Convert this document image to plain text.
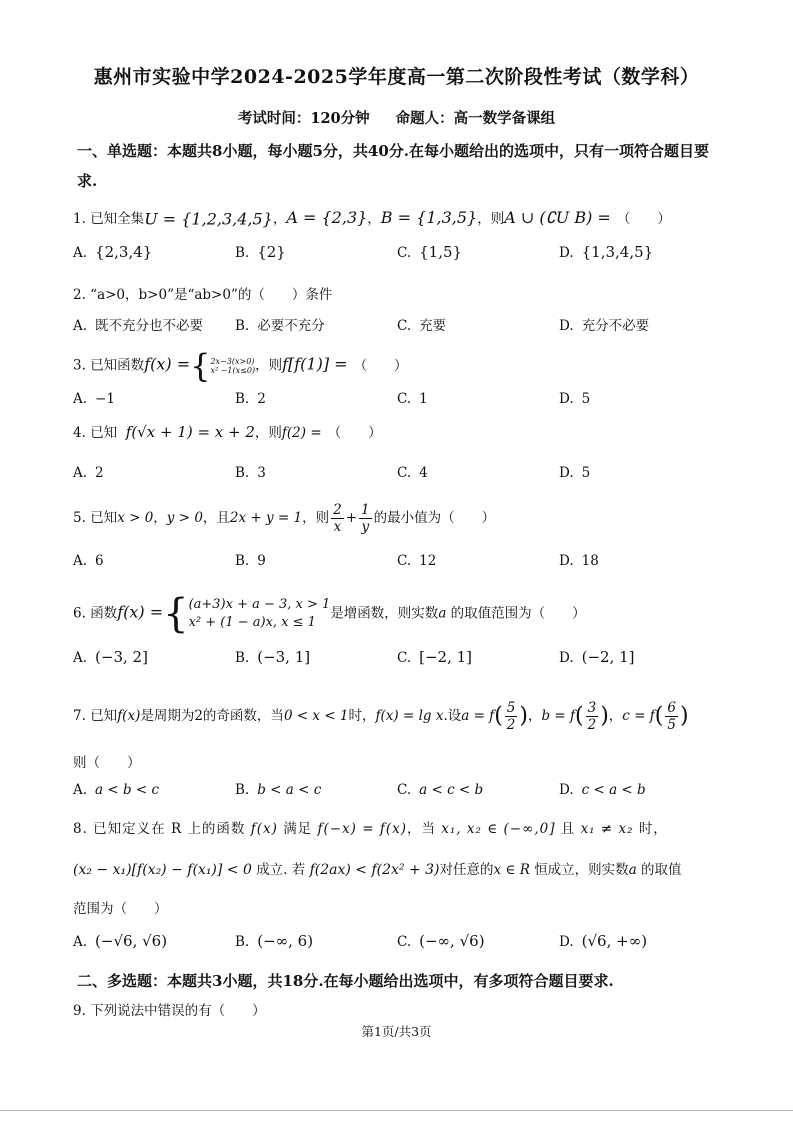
惠州市实验中学2024-2025学年度高一第二次阶段性考试（数学科）
考试时间：120分钟 命题人：高一数学备课组
一、单选题：本题共8小题，每小题5分，共40分.在每小题给出的选项中，只有一项符合题目要求.
1. 已知全集U = {1,2,3,4,5}，A = {2,3}，B = {1,3,5}，则A ∪ (∁U B) = （　　）
A. {2,3,4}	B. {2}	C. {1,5}	D. {1,3,4,5}
2. “a>0，b>0”是“ab>0”的（　　）条件
A. 既不充分也不必要 B. 必要不充分	C. 充要	D. 充分不必要
3. 已知函数f(x) ={ 2x−3(x>0)
x² −1(x≤0) ，则f[f(1)] = （　　）
A. −1	B. 2	C. 1	D. 5
4. 已知 f(√x + 1) = x + 2，则f(2) = （　　）
A. 2	B. 3	C. 4	D. 5
5. 已知x > 0，y > 0，且2x + y = 1，则 $\frac{2}{x} + \frac{1}{y}$ 的最小值为（　　）
A. 6	B. 9	C. 12	D. 18
6. 函数f(x) ={ (a+3)x + a − 3, x > 1
x² + (1 − a)x, x ≤ 1
是增函数，则实数a 的取值范围为（　　）
A. (−3, 2]	B. (−3, 1]	C. [−2, 1]	D. (−2, 1]
7. 已知f(x)是周期为2的奇函数，当0 < x < 1时，f(x) = lg x.设$a = f( \frac{5}{2}$ )，$b = f( \frac{3}{2}$ )，$c = f( \frac{6}{5}$ )
则（　　）
A. a < b < c	B. b < a < c	C. a < c < b	D. c < a < b
8. 已知定义在 R 上的函数 f(x) 满足 f(−x) = f(x)，当 x₁, x₂ ∈ (−∞,0] 且 x₁ ≠ x₂ 时，
(x₂ − x₁)[f(x₂) − f(x₁)] < 0 成立. 若 f(2ax) < f(2x² + 3)对任意的x ∈ R 恒成立，则实数a 的取值
范围为（　　）
A. (−√6, √6)	B. (−∞, 6)	C. (−∞, √6)	D. (√6, +∞)
二、多选题：本题共3小题，共18分.在每小题给出选项中，有多项符合题目要求.
9. 下列说法中错误的有（　　）
第1页/共3页
